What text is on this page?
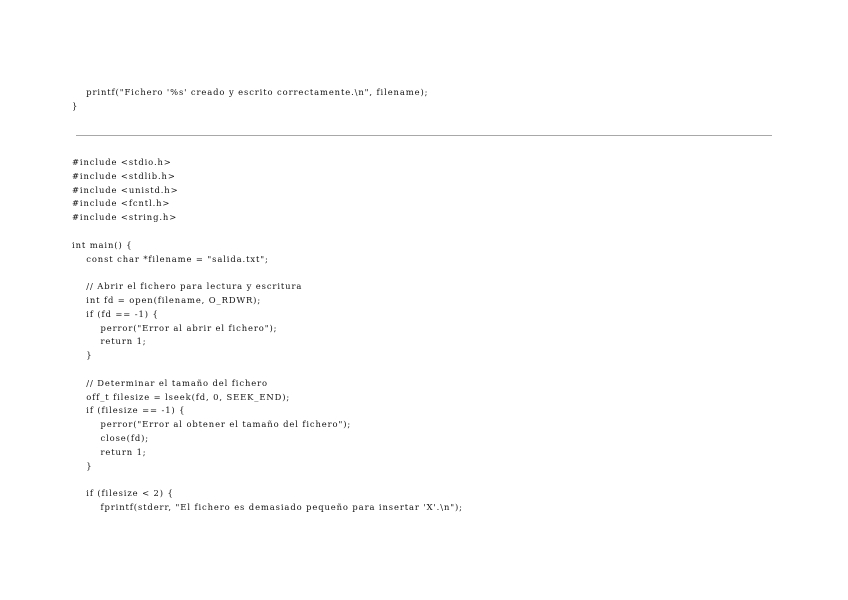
printf("Fichero '%s' creado y escrito correctamente.\n", filename);
}
#include <stdio.h>
#include <stdlib.h>
#include <unistd.h>
#include <fcntl.h>
#include <string.h>
int main() {
const char *filename = "salida.txt";
// Abrir el fichero para lectura y escritura
int fd = open(filename, O_RDWR);
if (fd == -1) {
perror("Error al abrir el fichero");
return 1;
}
// Determinar el tamaño del fichero
off_t filesize = lseek(fd, 0, SEEK_END);
if (filesize == -1) {
perror("Error al obtener el tamaño del fichero");
close(fd);
return 1;
}
if (filesize < 2) {
fprintf(stderr, "El fichero es demasiado pequeño para insertar 'X'.\n");
